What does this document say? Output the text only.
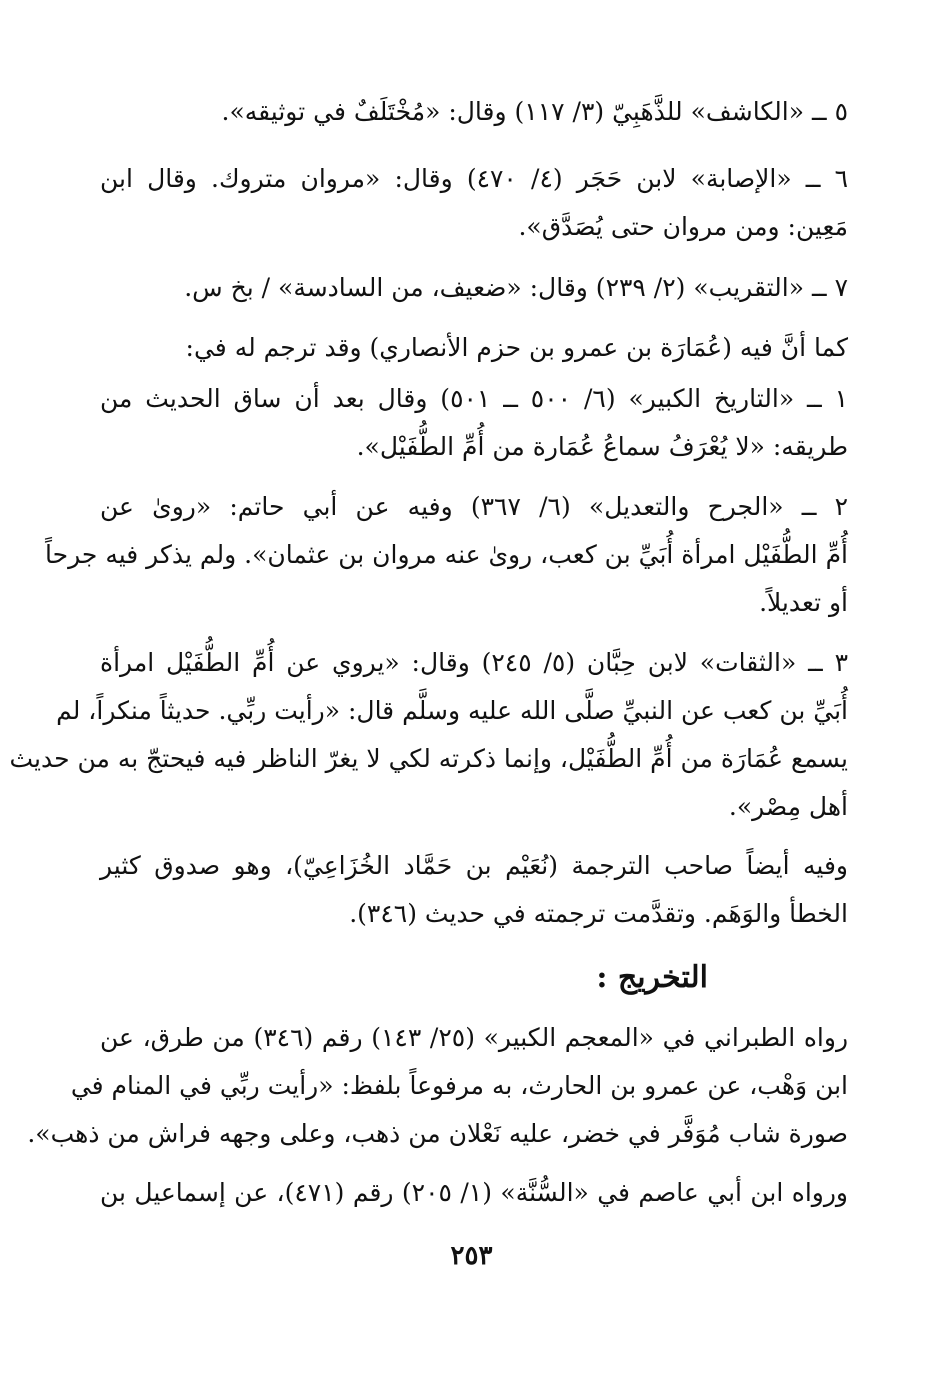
٥ ــ «الكاشف» للذَّهَبِيّ (٣/ ١١٧) وقال: «مُخْتَلَفٌ في توثيقه».
٦ ــ «الإصابة» لابن حَجَر (٤/ ٤٧٠) وقال: «مروان متروك. وقال ابن
مَعِين: ومن مروان حتى يُصَدَّق».
٧ ــ «التقريب» (٢/ ٢٣٩) وقال: «ضعيف، من السادسة» / بخ س.
كما أنَّ فيه (عُمَارَة بن عمرو بن حزم الأنصاري) وقد ترجم له في:
١ ــ «التاريخ الكبير» (٦/ ٥٠٠ ــ ٥٠١) وقال بعد أن ساق الحديث من
طريقه: «لا يُعْرَفُ سماعُ عُمَارة من أُمِّ الطُّفَيْل».
٢ ــ «الجرح والتعديل» (٦/ ٣٦٧) وفيه عن أبي حاتم: «روىٰ عن
أُمِّ الطُّفَيْل امرأة أُبَيِّ بن كعب، روىٰ عنه مروان بن عثمان». ولم يذكر فيه جرحاً
أو تعديلاً.
٣ ــ «الثقات» لابن حِبَّان (٥/ ٢٤٥) وقال: «يروي عن أُمِّ الطُّفَيْل امرأة
أُبَيِّ بن كعب عن النبيِّ صلَّى الله عليه وسلَّم قال: «رأيت ربِّي. حديثاً منكراً، لم
يسمع عُمَارَة من أُمِّ الطُّفَيْل، وإنما ذكرته لكي لا يغرّ الناظر فيه فيحتجّ به من حديث
أهل مِصْر».
وفيه أيضاً صاحب الترجمة (نُعَيْم بن حَمَّاد الخُزَاعِيّ)، وهو صدوق كثير
الخطأ والوَهَم. وتقدَّمت ترجمته في حديث (٣٤٦).
التخريج :
رواه الطبراني في «المعجم الكبير» (٢٥/ ١٤٣) رقم (٣٤٦) من طرق، عن
ابن وَهْب، عن عمرو بن الحارث، به مرفوعاً بلفظ: «رأيت ربِّي في المنام في
صورة شاب مُوَفَّر في خضر، عليه نَعْلان من ذهب، وعلى وجهه فراش من ذهب».
ورواه ابن أبي عاصم في «السُّنَّة» (١/ ٢٠٥) رقم (٤٧١)، عن إسماعيل بن
٢٥٣
